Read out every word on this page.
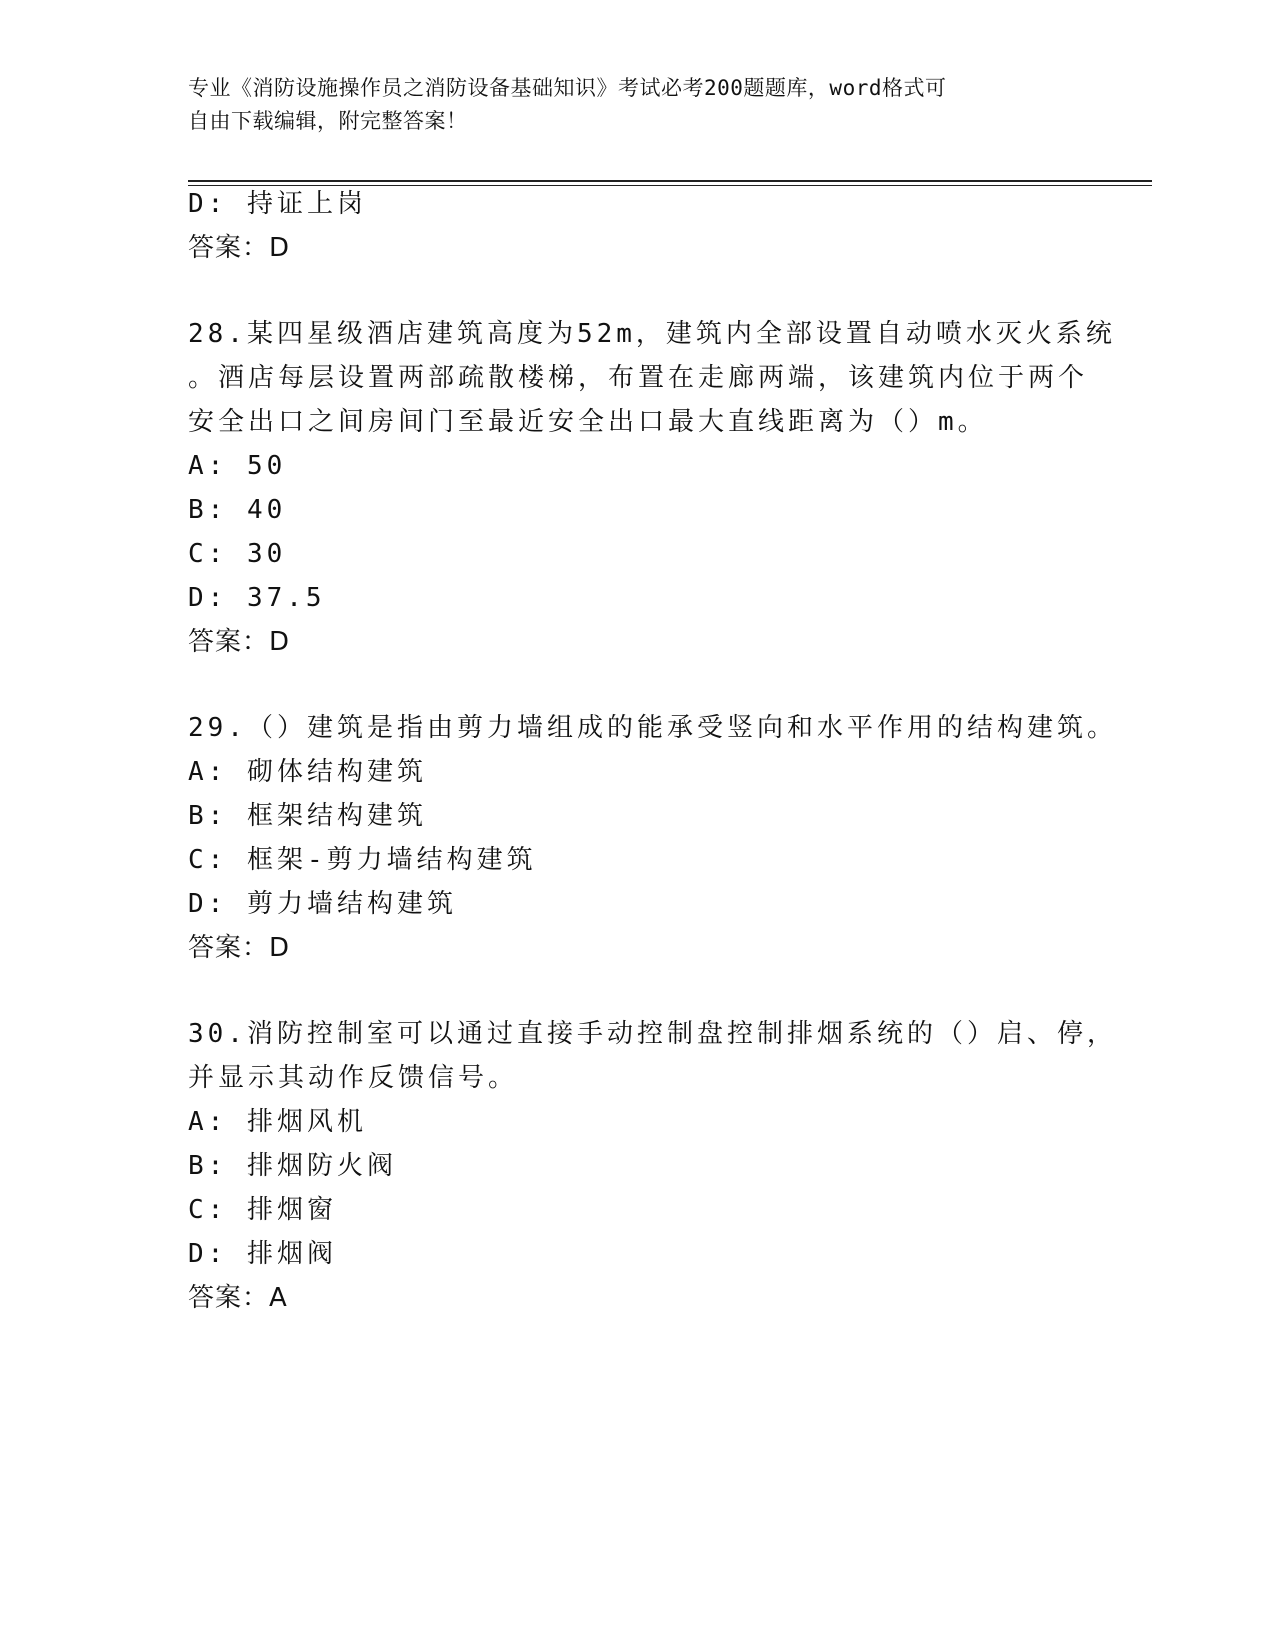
专业《消防设施操作员之消防设备基础知识》考试必考200题题库，word格式可
自由下载编辑，附完整答案！
D: 持证上岗
答案：D
28.某四星级酒店建筑高度为52m，建筑内全部设置自动喷水灭火系统
。酒店每层设置两部疏散楼梯，布置在走廊两端，该建筑内位于两个
安全出口之间房间门至最近安全出口最大直线距离为（）m。
A: 50
B: 40
C: 30
D: 37.5
答案：D
29.（）建筑是指由剪力墙组成的能承受竖向和水平作用的结构建筑。
A: 砌体结构建筑
B: 框架结构建筑
C: 框架-剪力墙结构建筑
D: 剪力墙结构建筑
答案：D
30.消防控制室可以通过直接手动控制盘控制排烟系统的（）启、停，
并显示其动作反馈信号。
A: 排烟风机
B: 排烟防火阀
C: 排烟窗
D: 排烟阀
答案：A
